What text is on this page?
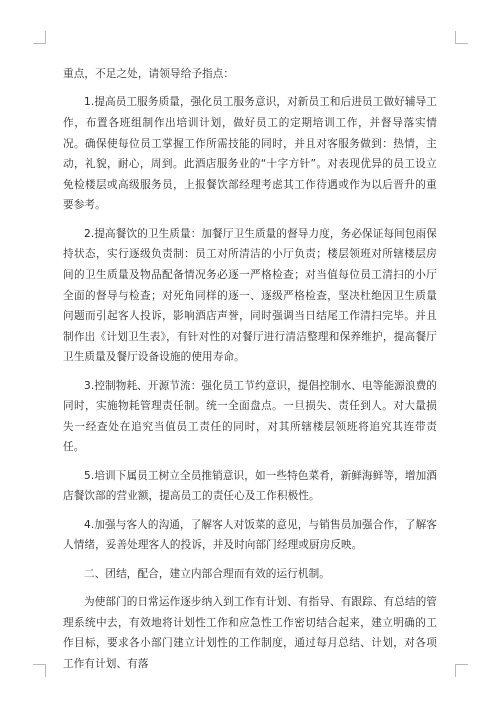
重点，不足之处，请领导给予指点：

1.提高员工服务质量，强化员工服务意识，对新员工和后进员工做好辅导工作，布置各班组制作出培训计划，做好员工的定期培训工作，并督导落实情况。确保使每位员工掌握工作所需技能的同时，并且对客服务做到：热情，主动，礼貌，耐心，周到。此酒店服务业的“十字方针”。对表现优异的员工设立免检楼层或高级服务员，上报餐饮部经理考虑其工作待遇或作为以后晋升的重要参考。

2.提高餐饮的卫生质量：加餐厅卫生质量的督导力度，务必保证每间包雨保持状态，实行逐级负责制：员工对所清洁的小厅负责；楼层领班对所辖楼层房间的卫生质量及物品配备情况务必逐一严格检查；对当值每位员工清扫的小厅全面的督导与检查；对死角同样的逐一、逐级严格检查，坚决杜绝因卫生质量问题而引起客人投诉，影响酒店声誉，同时强调当日结尾工作清扫完毕。并且制作出《计划卫生表》，有针对性的对餐厅进行清洁整理和保养维护，提高餐厅卫生质量及餐厅设备设施的使用寿命。

3.控制物耗、开源节流：强化员工节约意识，提倡控制水、电等能源浪费的同时，实施物耗管理责任制。统一全面盘点。一旦损失、责任到人。对大量损失一经查处在追究当值员工责任的同时，对其所辖楼层领班将追究其连带责任。

5.培训下属员工树立全员推销意识，如一些特色菜肴，新鲜海鲜等，增加酒店餐饮部的营业额，提高员工的责任心及工作积极性。

4.加强与客人的沟通，了解客人对饭菜的意见，与销售员加强合作，了解客人情绪，妥善处理客人的投诉，并及时向部门经理或厨房反映。

二、团结，配合，建立内部合理而有效的运行机制。

为使部门的日常运作逐步纳入到工作有计划、有指导、有跟踪、有总结的管理系统中去，有效地将计划性工作和应急性工作密切结合起来，建立明确的工作目标，要求各小部门建立计划性的工作制度，通过每月总结、计划，对各项工作有计划、有落
